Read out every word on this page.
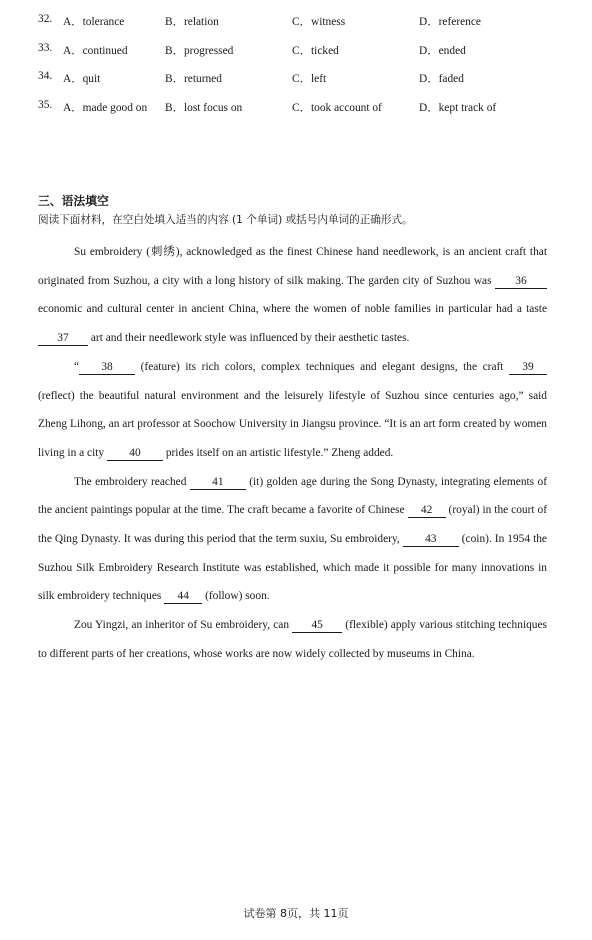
32. A．tolerance	B．relation	C．witness	D．reference
33. A．continued	B．progressed	C．ticked	D．ended
34. A．quit	B．returned	C．left	D．faded
35. A．made good on B．lost focus on	C．took account of	D．kept track of
三、语法填空
阅读下面材料，在空白处填入适当的内容 (1 个单词) 或括号内单词的正确形式。

Su embroidery (刺绣), acknowledged as the finest Chinese hand needlework, is an ancient craft that originated from Suzhou, a city with a long history of silk making. The garden city of Suzhou was 36 economic and cultural center in ancient China, where the women of noble families in particular had a taste 37 art and their needlework style was influenced by their aesthetic tastes.

“ 38 (feature) its rich colors, complex techniques and elegant designs, the craft 39 (reflect) the beautiful natural environment and the leisurely lifestyle of Suzhou since centuries ago,” said Zheng Lihong, an art professor at Soochow University in Jiangsu province. “It is an art form created by women living in a city 40 prides itself on an artistic lifestyle.” Zheng added.

The embroidery reached 41 (it) golden age during the Song Dynasty, integrating elements of the ancient paintings popular at the time. The craft became a favorite of Chinese 42 (royal) in the court of the Qing Dynasty. It was during this period that the term suxiu, Su embroidery, 43 (coin). In 1954 the Suzhou Silk Embroidery Research Institute was established, which made it possible for many innovations in silk embroidery techniques 44 (follow) soon.

Zou Yingzi, an inheritor of Su embroidery, can 45 (flexible) apply various stitching techniques to different parts of her creations, whose works are now widely collected by museums in China.

试卷第 8页，共 11页
